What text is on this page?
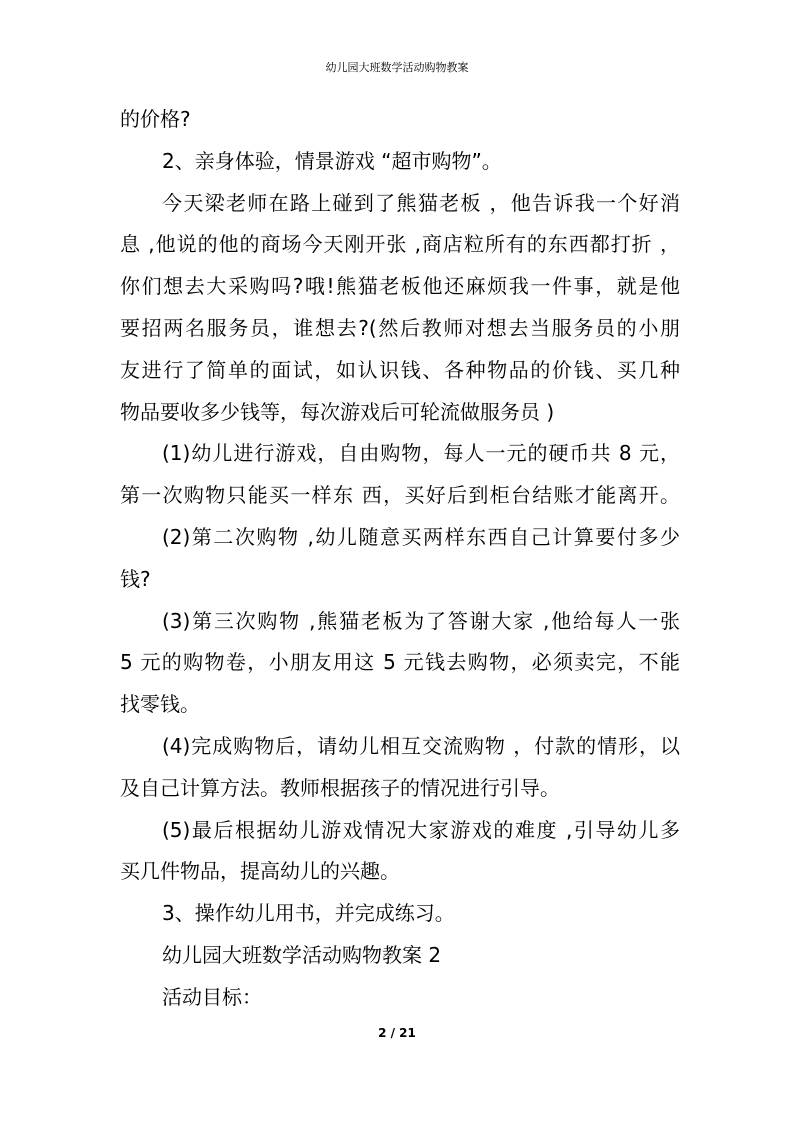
幼儿园大班数学活动购物教案
的价格?
2、亲身体验，情景游戏 “超市购物”。
今天梁老师在路上碰到了熊猫老板 ，他告诉我一个好消
息 ,他说的他的商场今天刚开张 ,商店粒所有的东西都打折 ，
你们想去大采购吗?哦!熊猫老板他还麻烦我一件事，就是他
要招两名服务员，谁想去?(然后教师对想去当服务员的小朋
友进行了简单的面试，如认识钱、各种物品的价钱、买几种
物品要收多少钱等，每次游戏后可轮流做服务员 )
(1)幼儿进行游戏，自由购物，每人一元的硬币共 8 元，
第一次购物只能买一样东 西，买好后到柜台结账才能离开。
(2)第二次购物 ,幼儿随意买两样东西自己计算要付多少
钱?
(3)第三次购物 ,熊猫老板为了答谢大家 ,他给每人一张
5 元的购物卷，小朋友用这 5 元钱去购物，必须卖完，不能
找零钱。
(4)完成购物后，请幼儿相互交流购物 ，付款的情形，以
及自己计算方法。教师根据孩子的情况进行引导。
(5)最后根据幼儿游戏情况大家游戏的难度 ,引导幼儿多
买几件物品，提高幼儿的兴趣。
3、操作幼儿用书，并完成练习。
幼儿园大班数学活动购物教案 2
活动目标：
2 / 21
